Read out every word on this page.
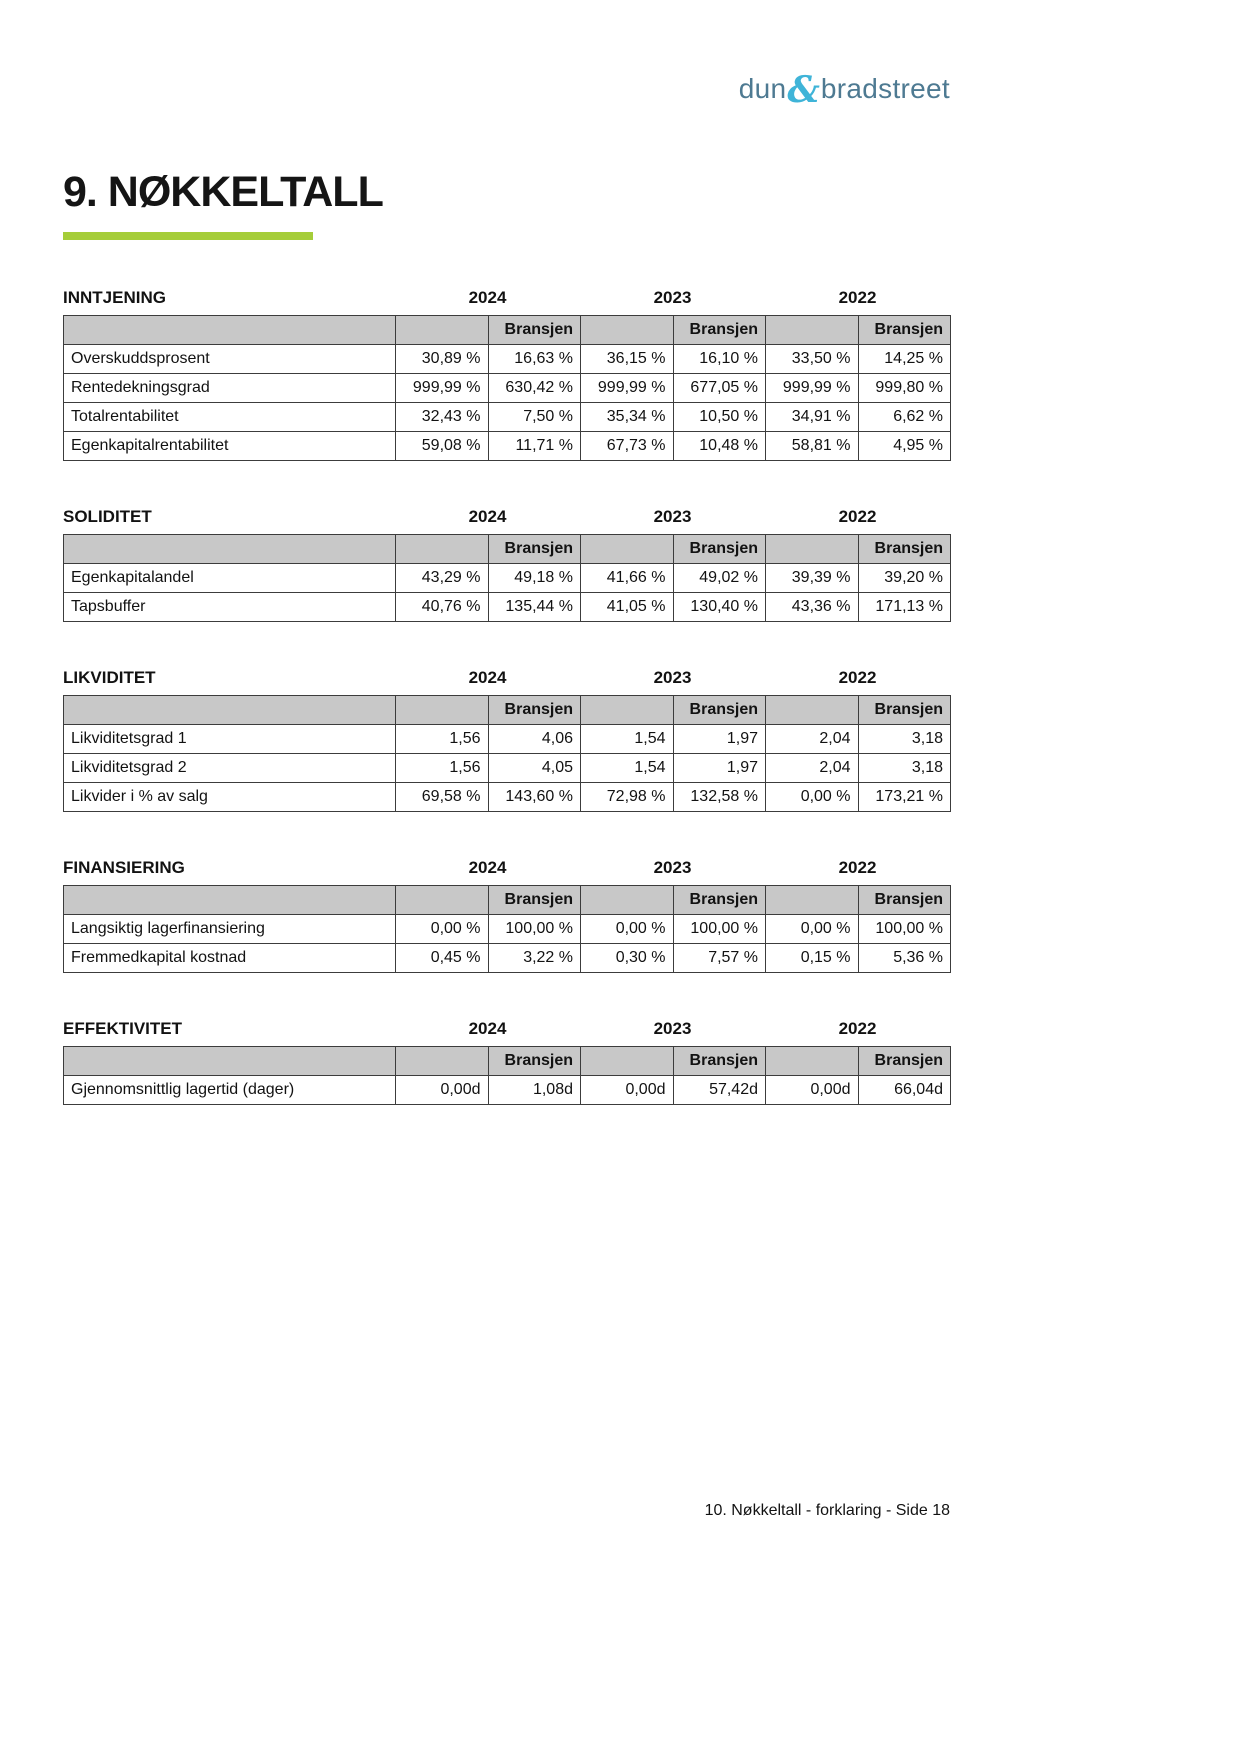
dun&bradstreet
9. NØKKELTALL
INNTJENING	2024	2023	2022
		Bransjen		Bransjen		Bransjen
Overskuddsprosent	30,89 %	16,63 %	36,15 %	16,10 %	33,50 %	14,25 %
Rentedekningsgrad	999,99 %	630,42 %	999,99 %	677,05 %	999,99 %	999,80 %
Totalrentabilitet	32,43 %	7,50 %	35,34 %	10,50 %	34,91 %	6,62 %
Egenkapitalrentabilitet	59,08 %	11,71 %	67,73 %	10,48 %	58,81 %	4,95 %
SOLIDITET	2024	2023	2022
		Bransjen		Bransjen		Bransjen
Egenkapitalandel	43,29 %	49,18 %	41,66 %	49,02 %	39,39 %	39,20 %
Tapsbuffer	40,76 %	135,44 %	41,05 %	130,40 %	43,36 %	171,13 %
LIKVIDITET	2024	2023	2022
		Bransjen		Bransjen		Bransjen
Likviditetsgrad 1	1,56	4,06	1,54	1,97	2,04	3,18
Likviditetsgrad 2	1,56	4,05	1,54	1,97	2,04	3,18
Likvider i % av salg	69,58 %	143,60 %	72,98 %	132,58 %	0,00 %	173,21 %
FINANSIERING	2024	2023	2022
		Bransjen		Bransjen		Bransjen
Langsiktig lagerfinansiering	0,00 %	100,00 %	0,00 %	100,00 %	0,00 %	100,00 %
Fremmedkapital kostnad	0,45 %	3,22 %	0,30 %	7,57 %	0,15 %	5,36 %
EFFEKTIVITET	2024	2023	2022
		Bransjen		Bransjen		Bransjen
Gjennomsnittlig lagertid (dager)	0,00d	1,08d	0,00d	57,42d	0,00d	66,04d
10. Nøkkeltall - forklaring - Side 18
